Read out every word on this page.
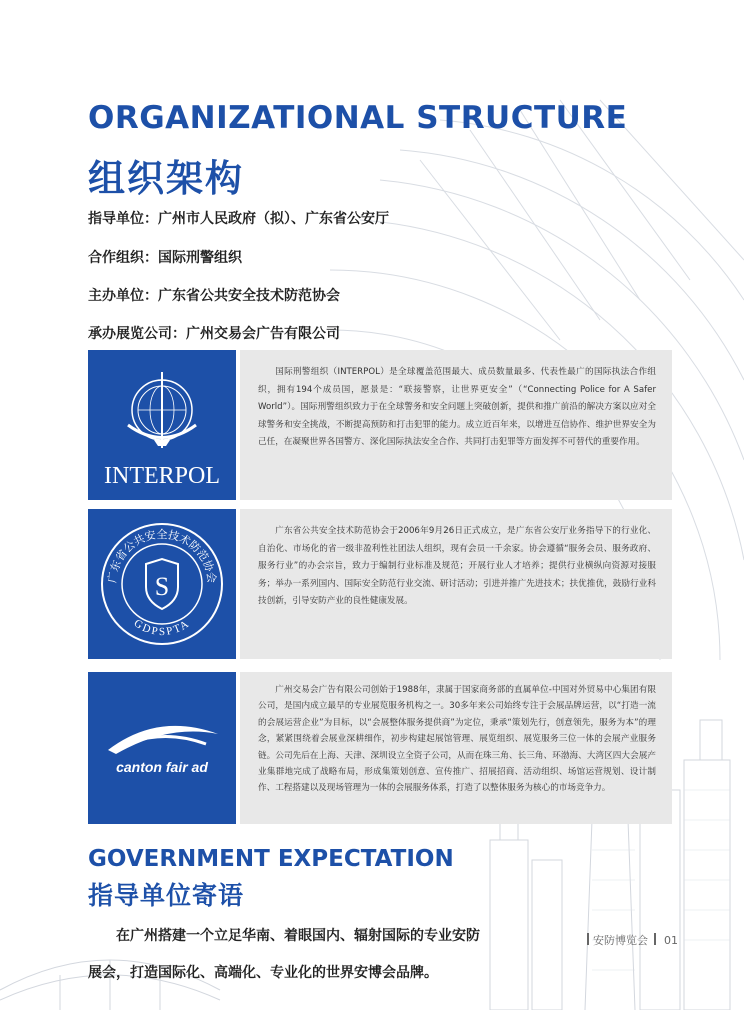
ORGANIZATIONAL STRUCTURE
组织架构
指导单位：广州市人民政府（拟）、广东省公安厅
合作组织：国际刑警组织
主办单位：广东省公共安全技术防范协会
承办展览公司：广州交易会广告有限公司
INTERPOL

国际刑警组织（INTERPOL）是全球覆盖范围最大、成员数量最多、代表性最广的国际执法合作组织，拥有194个成员国，愿景是：“联接警察，让世界更安全”（“Connecting Police for A Safer World”）。国际刑警组织致力于在全球警务和安全问题上突破创新，提供和推广前沿的解决方案以应对全球警务和安全挑战，不断提高预防和打击犯罪的能力。成立近百年来，以增进互信协作、维护世界安全为己任，在凝聚世界各国警方、深化国际执法安全合作、共同打击犯罪等方面发挥不可替代的重要作用。

广东省公共安全技术防范协会
GDPSPTA
S

广东省公共安全技术防范协会于2006年9月26日正式成立，是广东省公安厅业务指导下的行业化、自治化、市场化的省一级非盈利性社团法人组织，现有会员一千余家。协会遵循“服务会员、服务政府、服务行业”的办会宗旨，致力于编制行业标准及规范；开展行业人才培养；提供行业横纵向资源对接服务；举办一系列国内、国际安全防范行业交流、研讨活动；引进并推广先进技术；扶优推优，鼓励行业科技创新，引导安防产业的良性健康发展。

canton fair ad

广州交易会广告有限公司创始于1988年，隶属于国家商务部的直属单位-中国对外贸易中心集团有限公司，是国内成立最早的专业展览服务机构之一。30多年来公司始终专注于会展品牌运营，以“打造一流的会展运营企业”为目标，以“会展整体服务提供商”为定位，秉承“策划先行，创意领先，服务为本”的理念，紧紧围绕着会展业深耕细作，初步构建起展馆管理、展览组织、展览服务三位一体的会展产业服务链。公司先后在上海、天津、深圳设立全资子公司，从而在珠三角、长三角、环渤海、大湾区四大会展产业集群地完成了战略布局，形成集策划创意、宣传推广、招展招商、活动组织、场馆运营规划、设计制作、工程搭建以及现场管理为一体的会展服务体系，打造了以整体服务为核心的市场竞争力。

GOVERNMENT EXPECTATION
指导单位寄语
在广州搭建一个立足华南、着眼国内、辐射国际的专业安防
展会，打造国际化、高端化、专业化的世界安博会品牌。
安防博览会 01
